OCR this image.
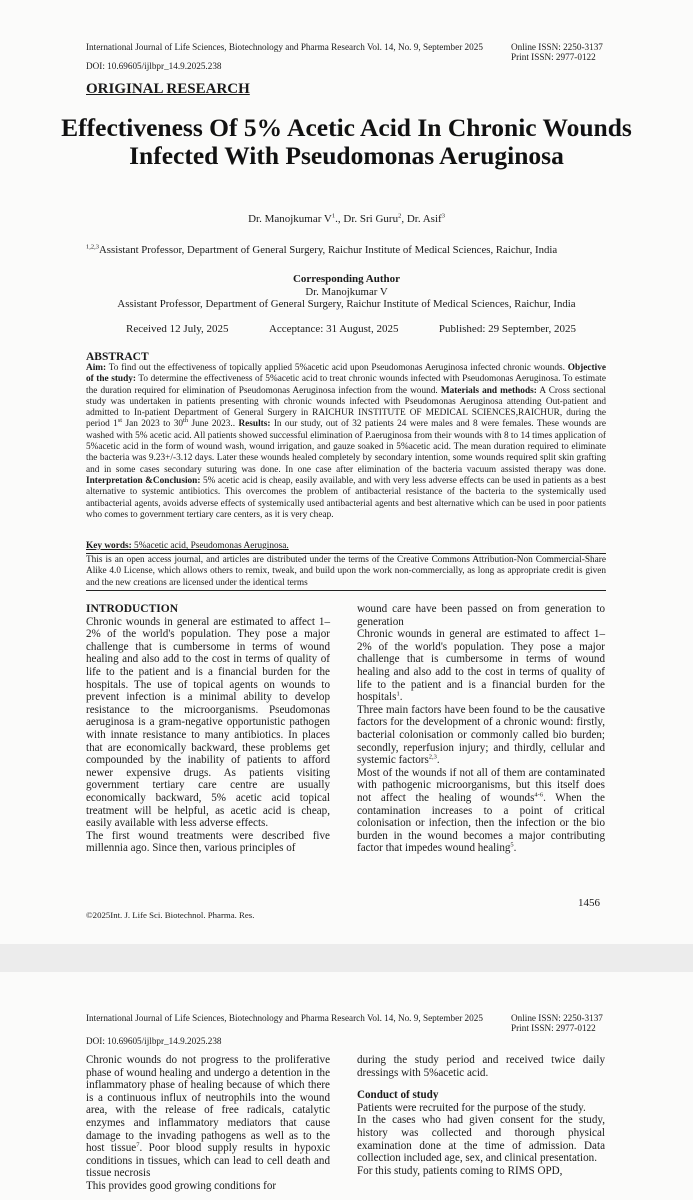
International Journal of Life Sciences, Biotechnology and Pharma Research Vol. 14, No. 9, September 2025	Online ISSN: 2250-3137
Print ISSN: 2977-0122
DOI: 10.69605/ijlbpr_14.9.2025.238
ORIGINAL RESEARCH
Effectiveness Of 5% Acetic Acid In Chronic Wounds Infected With Pseudomonas Aeruginosa
Dr. Manojkumar $V^1$., Dr. Sri Guru$^2$, Dr. Asif$^3$
$^{1,2,3}$Assistant Professor, Department of General Surgery, Raichur Institute of Medical Sciences, Raichur, India
Corresponding Author
Dr. Manojkumar V
Assistant Professor, Department of General Surgery, Raichur Institute of Medical Sciences, Raichur, India
Received 12 July, 2025	Acceptance: 31 August, 2025	Published: 29 September, 2025
ABSTRACT
Aim: To find out the effectiveness of topically applied 5%acetic acid upon Pseudomonas Aeruginosa infected chronic wounds. Objective of the study: To determine the effectiveness of 5%acetic acid to treat chronic wounds infected with Pseudomonas Aeruginosa. To estimate the duration required for elimination of Pseudomonas Aeruginosa infection from the wound. Materials and methods: A Cross sectional study was undertaken in patients presenting with chronic wounds infected with Pseudomonas Aeruginosa attending Out-patient and admitted to In-patient Department of General Surgery in RAICHUR INSTITUTE OF MEDICAL SCIENCES,RAICHUR, during the period 1st Jan 2023 to 30th June 2023.. Results: In our study, out of 32 patients 24 were males and 8 were females. These wounds are washed with 5% acetic acid. All patients showed successful elimination of P.aeruginosa from their wounds with 8 to 14 times application of 5%acetic acid in the form of wound wash, wound irrigation, and gauze soaked in 5%acetic acid. The mean duration required to eliminate the bacteria was 9.23+/-3.12 days. Later these wounds healed completely by secondary intention, some wounds required split skin grafting and in some cases secondary suturing was done. In one case after elimination of the bacteria vacuum assisted therapy was done. Interpretation &Conclusion: 5% acetic acid is cheap, easily available, and with very less adverse effects can be used in patients as a best alternative to systemic antibiotics. This overcomes the problem of antibacterial resistance of the bacteria to the systemically used antibacterial agents, avoids adverse effects of systemically used antibacterial agents and best alternative which can be used in poor patients who comes to government tertiary care centers, as it is very cheap.
Key words: 5%acetic acid, Pseudomonas Aeruginosa.
This is an open access journal, and articles are distributed under the terms of the Creative Commons Attribution-Non Commercial-Share Alike 4.0 License, which allows others to remix, tweak, and build upon the work non-commercially, as long as appropriate credit is given and the new creations are licensed under the identical terms
INTRODUCTION

Chronic wounds in general are estimated to affect 1–2% of the world's population. They pose a major challenge that is cumbersome in terms of wound healing and also add to the cost in terms of quality of life to the patient and is a financial burden for the hospitals. The use of topical agents on wounds to prevent infection is a minimal ability to develop resistance to the microorganisms. Pseudomonas aeruginosa is a gram-negative opportunistic pathogen with innate resistance to many antibiotics. In places that are economically backward, these problems get compounded by the inability of patients to afford newer expensive drugs. As patients visiting government tertiary care centre are usually economically backward, 5% acetic acid topical treatment will be helpful, as acetic acid is cheap, easily available with less adverse effects.

The first wound treatments were described five millennia ago. Since then, various principles of

wound care have been passed on from generation to generation

Chronic wounds in general are estimated to affect 1–2% of the world's population. They pose a major challenge that is cumbersome in terms of wound healing and also add to the cost in terms of quality of life to the patient and is a financial burden for the hospitals$^1$.

Three main factors have been found to be the causative factors for the development of a chronic wound: firstly, bacterial colonisation or commonly called bio burden; secondly, reperfusion injury; and thirdly, cellular and systemic factors$^{2,3}$.

Most of the wounds if not all of them are contaminated with pathogenic microorganisms, but this itself does not affect the healing of wounds$^{4-6}$. When the contamination increases to a point of critical colonisation or infection, then the infection or the bio burden in the wound becomes a major contributing factor that impedes wound healing$^5$.

1456
©2025Int. J. Life Sci. Biotechnol. Pharma. Res.
International Journal of Life Sciences, Biotechnology and Pharma Research Vol. 14, No. 9, September 2025	Online ISSN: 2250-3137
Print ISSN: 2977-0122
DOI: 10.69605/ijlbpr_14.9.2025.238

Chronic wounds do not progress to the proliferative phase of wound healing and undergo a detention in the inflammatory phase of healing because of which there is a continuous influx of neutrophils into the wound area, with the release of free radicals, catalytic enzymes and inflammatory mediators that cause damage to the invading pathogens as well as to the host tissue$^7$. Poor blood supply results in hypoxic conditions in tissues, which can lead to cell death and tissue necrosis

This provides good growing conditions for

during the study period and received twice daily dressings with 5%acetic acid.

Conduct of study

Patients were recruited for the purpose of the study.

In the cases who had given consent for the study, history was collected and thorough physical examination done at the time of admission. Data collection included age, sex, and clinical presentation.

For this study, patients coming to RIMS OPD,
